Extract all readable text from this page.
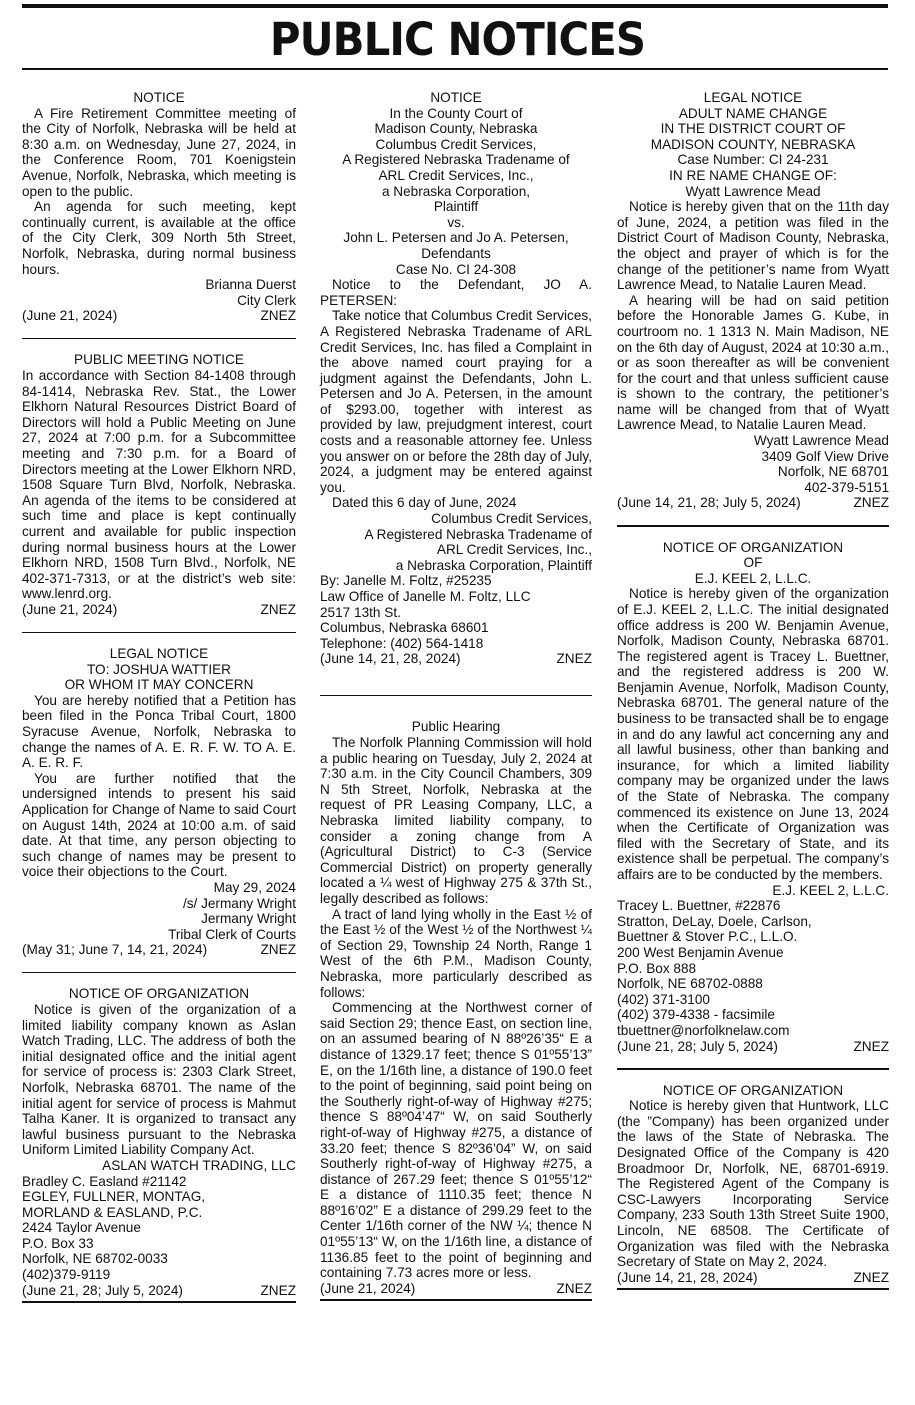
PUBLIC NOTICES

NOTICE

A Fire Retirement Committee meeting of the City of Norfolk, Nebraska will be held at 8:30 a.m. on Wednesday, June 27, 2024, in the Conference Room, 701 Koenigstein Avenue, Norfolk, Nebraska, which meeting is open to the public.

An agenda for such meeting, kept continually current, is available at the office of the City Clerk, 309 North 5th Street, Norfolk, Nebraska, during normal business hours.

Brianna Duerst

City Clerk

(June 21, 2024)	ZNEZ

PUBLIC MEETING NOTICE

In accordance with Section 84-1408 through 84-1414, Nebraska Rev. Stat., the Lower Elkhorn Natural Resources District Board of Directors will hold a Public Meeting on June 27, 2024 at 7:00 p.m. for a Subcommittee meeting and 7:30 p.m. for a Board of Directors meeting at the Lower Elkhorn NRD, 1508 Square Turn Blvd, Norfolk, Nebraska. An agenda of the items to be considered at such time and place is kept continually current and available for public inspection during normal business hours at the Lower Elkhorn NRD, 1508 Turn Blvd., Norfolk, NE 402-371-7313, or at the district’s web site: www.lenrd.org.

(June 21, 2024)	ZNEZ

LEGAL NOTICE

TO: JOSHUA WATTIER

OR WHOM IT MAY CONCERN

You are hereby notified that a Petition has been filed in the Ponca Tribal Court, 1800 Syracuse Avenue, Norfolk, Nebraska to change the names of A. E. R. F. W. TO A. E. A. E. R. F.

You are further notified that the undersigned intends to present his said Application for Change of Name to said Court on August 14th, 2024 at 10:00 a.m. of said date. At that time, any person objecting to such change of names may be present to voice their objections to the Court.

May 29, 2024

/s/ Jermany Wright

Jermany Wright

Tribal Clerk of Courts

(May 31; June 7, 14, 21, 2024)	ZNEZ

NOTICE OF ORGANIZATION

Notice is given of the organization of a limited liability company known as Aslan Watch Trading, LLC. The address of both the initial designated office and the initial agent for service of process is: 2303 Clark Street, Norfolk, Nebraska 68701. The name of the initial agent for service of process is Mahmut Talha Kaner. It is organized to transact any lawful business pursuant to the Nebraska Uniform Limited Liability Company Act.

ASLAN WATCH TRADING, LLC

Bradley C. Easland #21142

EGLEY, FULLNER, MONTAG,

MORLAND & EASLAND, P.C.

2424 Taylor Avenue

P.O. Box 33

Norfolk, NE 68702-0033

(402)379-9119

(June 21, 28; July 5, 2024)	ZNEZ

NOTICE

In the County Court of

Madison County, Nebraska

Columbus Credit Services,

A Registered Nebraska Tradename of

ARL Credit Services, Inc.,

a Nebraska Corporation,

Plaintiff

vs.

John L. Petersen and Jo A. Petersen,

Defendants

Case No. CI 24-308

Notice to the Defendant, JO A. PETERSEN:

Take notice that Columbus Credit Services, A Registered Nebraska Tradename of ARL Credit Services, Inc. has filed a Complaint in the above named court praying for a judgment against the Defendants, John L. Petersen and Jo A. Petersen, in the amount of $293.00, together with interest as provided by law, prejudgment interest, court costs and a reasonable attorney fee. Unless you answer on or before the 28th day of July, 2024, a judgment may be entered against you.

Dated this 6 day of June, 2024

Columbus Credit Services,

A Registered Nebraska Tradename of

ARL Credit Services, Inc.,

a Nebraska Corporation, Plaintiff

By: Janelle M. Foltz, #25235

Law Office of Janelle M. Foltz, LLC

2517 13th St.

Columbus, Nebraska 68601

Telephone: (402) 564-1418

(June 14, 21, 28, 2024)	ZNEZ

Public Hearing

The Norfolk Planning Commission will hold a public hearing on Tuesday, July 2, 2024 at 7:30 a.m. in the City Council Chambers, 309 N 5th Street, Norfolk, Nebraska at the request of PR Leasing Company, LLC, a Nebraska limited liability company, to consider a zoning change from A (Agricultural District) to C-3 (Service Commercial District) on property generally located a ¼ west of Highway 275 & 37th St., legally described as follows:

A tract of land lying wholly in the East ½ of the East ½ of the West ½ of the Northwest ¼ of Section 29, Township 24 North, Range 1 West of the 6th P.M., Madison County, Nebraska, more particularly described as follows:

Commencing at the Northwest corner of said Section 29; thence East, on section line, on an assumed bearing of N 88º26’35“ E a distance of 1329.17 feet; thence S 01º55’13” E, on the 1/16th line, a distance of 190.0 feet to the point of beginning, said point being on the Southerly right-of-way of Highway #275; thence S 88º04’47“ W, on said Southerly right-of-way of Highway #275, a distance of 33.20 feet; thence S 82º36’04” W, on said Southerly right-of-way of Highway #275, a distance of 267.29 feet; thence S 01º55’12“ E a distance of 1110.35 feet; thence N 88º16’02” E a distance of 299.29 feet to the Center 1/16th corner of the NW ¼; thence N 01º55’13“ W, on the 1/16th line, a distance of 1136.85 feet to the point of beginning and containing 7.73 acres more or less.

(June 21, 2024)	ZNEZ

LEGAL NOTICE

ADULT NAME CHANGE

IN THE DISTRICT COURT OF

MADISON COUNTY, NEBRASKA

Case Number: CI 24-231

IN RE NAME CHANGE OF:

Wyatt Lawrence Mead

Notice is hereby given that on the 11th day of June, 2024, a petition was filed in the District Court of Madison County, Nebraska, the object and prayer of which is for the change of the petitioner’s name from Wyatt Lawrence Mead, to Natalie Lauren Mead.

A hearing will be had on said petition before the Honorable James G. Kube, in courtroom no. 1 1313 N. Main Madison, NE on the 6th day of August, 2024 at 10:30 a.m., or as soon thereafter as will be convenient for the court and that unless sufficient cause is shown to the contrary, the petitioner’s name will be changed from that of Wyatt Lawrence Mead, to Natalie Lauren Mead.

Wyatt Lawrence Mead

3409 Golf View Drive

Norfolk, NE 68701

402-379-5151

(June 14, 21, 28; July 5, 2024)	ZNEZ

NOTICE OF ORGANIZATION

OF

E.J. KEEL 2, L.L.C.

Notice is hereby given of the organization of E.J. KEEL 2, L.L.C. The initial designated office address is 200 W. Benjamin Avenue, Norfolk, Madison County, Nebraska 68701. The registered agent is Tracey L. Buettner, and the registered address is 200 W. Benjamin Avenue, Norfolk, Madison County, Nebraska 68701. The general nature of the business to be transacted shall be to engage in and do any lawful act concerning any and all lawful business, other than banking and insurance, for which a limited liability company may be organized under the laws of the State of Nebraska. The company commenced its existence on June 13, 2024 when the Certificate of Organization was filed with the Secretary of State, and its existence shall be perpetual. The company’s affairs are to be conducted by the members.

E.J. KEEL 2, L.L.C.

Tracey L. Buettner, #22876

Stratton, DeLay, Doele, Carlson,

Buettner & Stover P.C., L.L.O.

200 West Benjamin Avenue

P.O. Box 888

Norfolk, NE 68702-0888

(402) 371-3100

(402) 379-4338 - facsimile

tbuettner@norfolknelaw.com

(June 21, 28; July 5, 2024)	ZNEZ

NOTICE OF ORGANIZATION

Notice is hereby given that Huntwork, LLC (the ”Company) has been organized under the laws of the State of Nebraska. The Designated Office of the Company is 420 Broadmoor Dr, Norfolk, NE, 68701-6919. The Registered Agent of the Company is CSC-Lawyers Incorporating Service Company, 233 South 13th Street Suite 1900, Lincoln, NE 68508. The Certificate of Organization was filed with the Nebraska Secretary of State on May 2, 2024.

(June 14, 21, 28, 2024)	ZNEZ
